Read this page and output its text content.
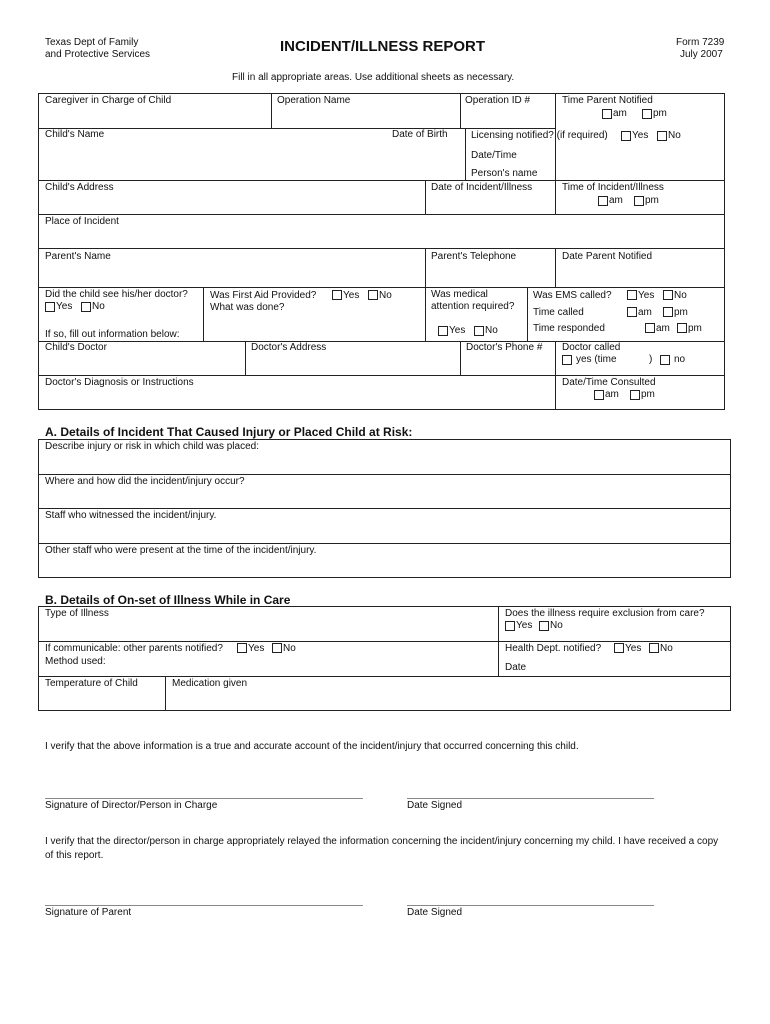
Texas Dept of Family
and Protective Services	INCIDENT/ILLNESS REPORT	Form 7239
July 2007
Fill in all appropriate areas. Use additional sheets as necessary.
Caregiver in Charge of Child	Operation Name	Operation ID #	Time Parent Notified
am	pm
Child's Name	Date of Birth Licensing notified? (if required) Yes No
Date/Time
Person's name
Child's Address	Date of Incident/Illness	Time of Incident/Illness
am pm
Place of Incident
Parent's Name	Parent's Telephone	Date Parent Notified
Did the child see his/her doctor?
Yes No
If so, fill out information below:
Was First Aid Provided?	Yes No
What was done?
Was medical
attention required?
Yes No
Was EMS called?	Yes No
Time called	am pm
Time responded	am pm
Child's Doctor	Doctor's Address	Doctor's Phone # Doctor called
yes (time	) no
Doctor's Diagnosis or Instructions	Date/Time Consulted
am pm
A. Details of Incident That Caused Injury or Placed Child at Risk:
Describe injury or risk in which child was placed:
Where and how did the incident/injury occur?
Staff who witnessed the incident/injury.
Other staff who were present at the time of the incident/injury.
B. Details of On-set of Illness While in Care
Type of Illness	Does the illness require exclusion from care?
Yes No
If communicable: other parents notified?	Yes No
Method used:
Health Dept. notified? Yes No
Date
Temperature of Child	Medication given
I verify that the above information is a true and accurate account of the incident/injury that occurred concerning this child.
Signature of Director/Person in Charge	Date Signed
I verify that the director/person in charge appropriately relayed the information concerning the incident/injury concerning my child. I have received a copy of this report.
Signature of Parent	Date Signed
